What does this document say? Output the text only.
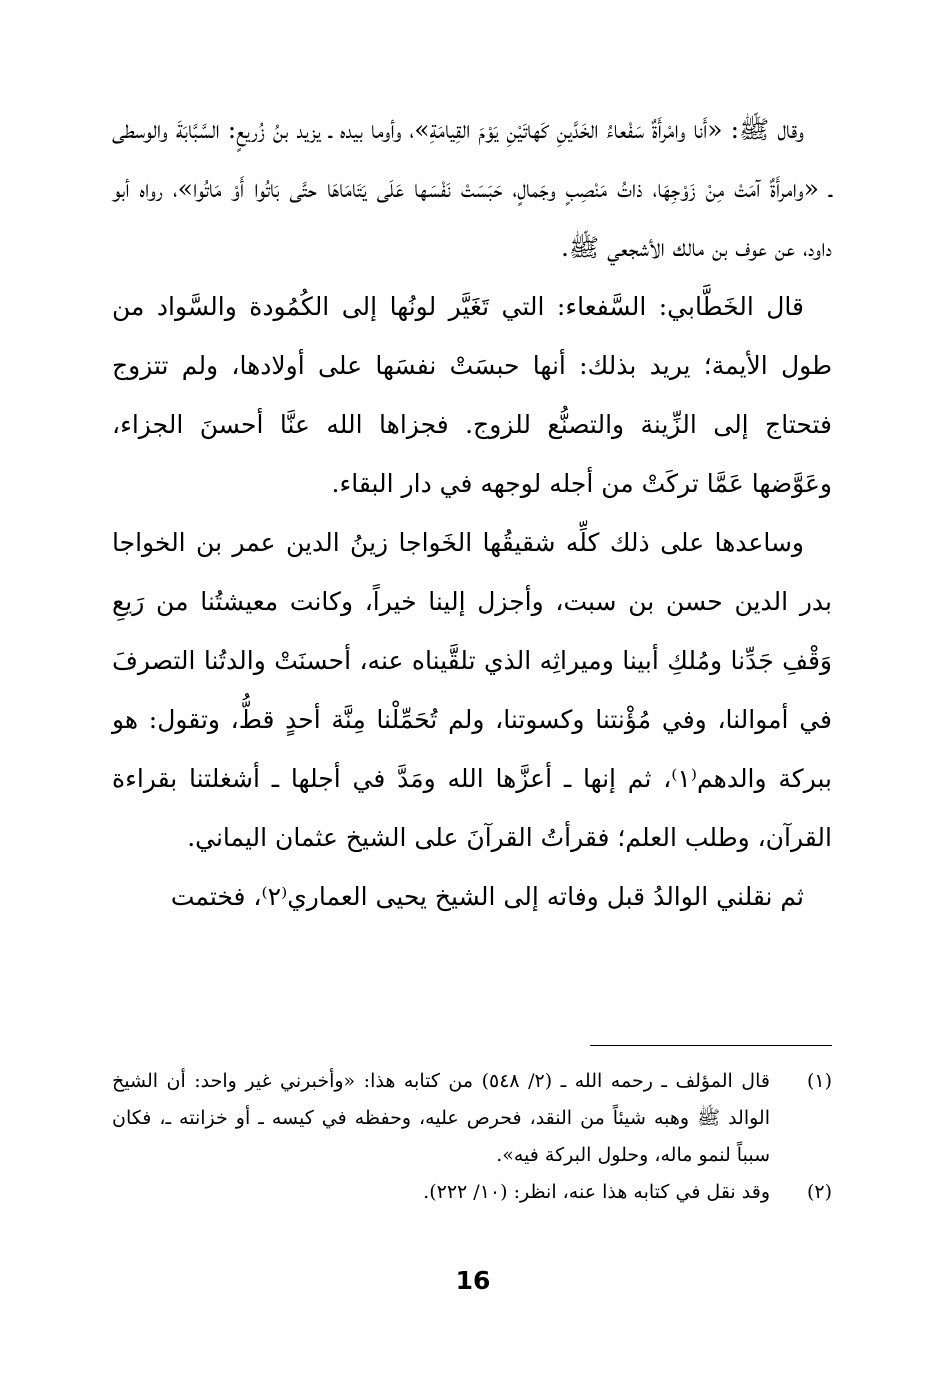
وقال ﷺ: «أَنا وامْرأَةٌ سَفْعاءُ الخَدَّينِ كَهاتَيْنِ يَوْمَ القِيامَةِ»، وأوما بيده ـ يزيد بنُ زُريعٍ: السَّبَّابَةَ والوسطى ـ «وامرأَةٌ آمَتْ مِنْ زَوْجِهَا، ذاتُ مَنْصِبٍ وجَمالٍ، حَبَسَتْ نَفْسَها عَلَى يَتَامَاهَا حتَّى بَاتُوا أَوْ مَاتُوا»، رواه أبو داود، عن عوف بن مالك الأشجعي ﷺ.

قال الخَطَّابي: السَّفعاء: التي تَغَيَّر لونُها إلى الكُمُودة والسَّواد من طول الأيمة؛ يريد بذلك: أنها حبسَتْ نفسَها على أولادها، ولم تتزوج فتحتاج إلى الزِّينة والتصنُّع للزوج. فجزاها الله عنَّا أحسنَ الجزاء، وعَوَّضها عَمَّا تركَتْ من أجله لوجهه في دار البقاء.

وساعدها على ذلك كلِّه شقيقُها الخَواجا زينُ الدين عمر بن الخواجا بدر الدين حسن بن سبت، وأجزل إلينا خيراً، وكانت معيشتُنا من رَيعِ وَقْفِ جَدِّنا ومُلكِ أبينا وميراثِه الذي تلقَّيناه عنه، أحسنَتْ والدتُنا التصرفَ في أموالنا، وفي مُؤْنتنا وكسوتنا، ولم تُحَمِّلْنا مِنَّة أحدٍ قطُّ، وتقول: هو ببركة والدهم⁽١⁾، ثم إنها ـ أعزَّها الله ومَدَّ في أجلها ـ أشغلتنا بقراءة القرآن، وطلب العلم؛ فقرأتُ القرآنَ على الشيخ عثمان اليماني.

ثم نقلني الوالدُ قبل وفاته إلى الشيخ يحيى العماري⁽٢⁾، فختمت

(١)
قال المؤلف ـ رحمه الله ـ (٢/ ٥٤٨) من كتابه هذا: «وأخبرني غير واحد: أن الشيخ الوالد ﷺ وهبه شيئاً من النقد، فحرص عليه، وحفظه في كيسه ـ أو خزانته ـ، فكان سبباً لنمو ماله، وحلول البركة فيه».
(٢)
وقد نقل في كتابه هذا عنه، انظر: (١٠/ ٢٢٢).
16
